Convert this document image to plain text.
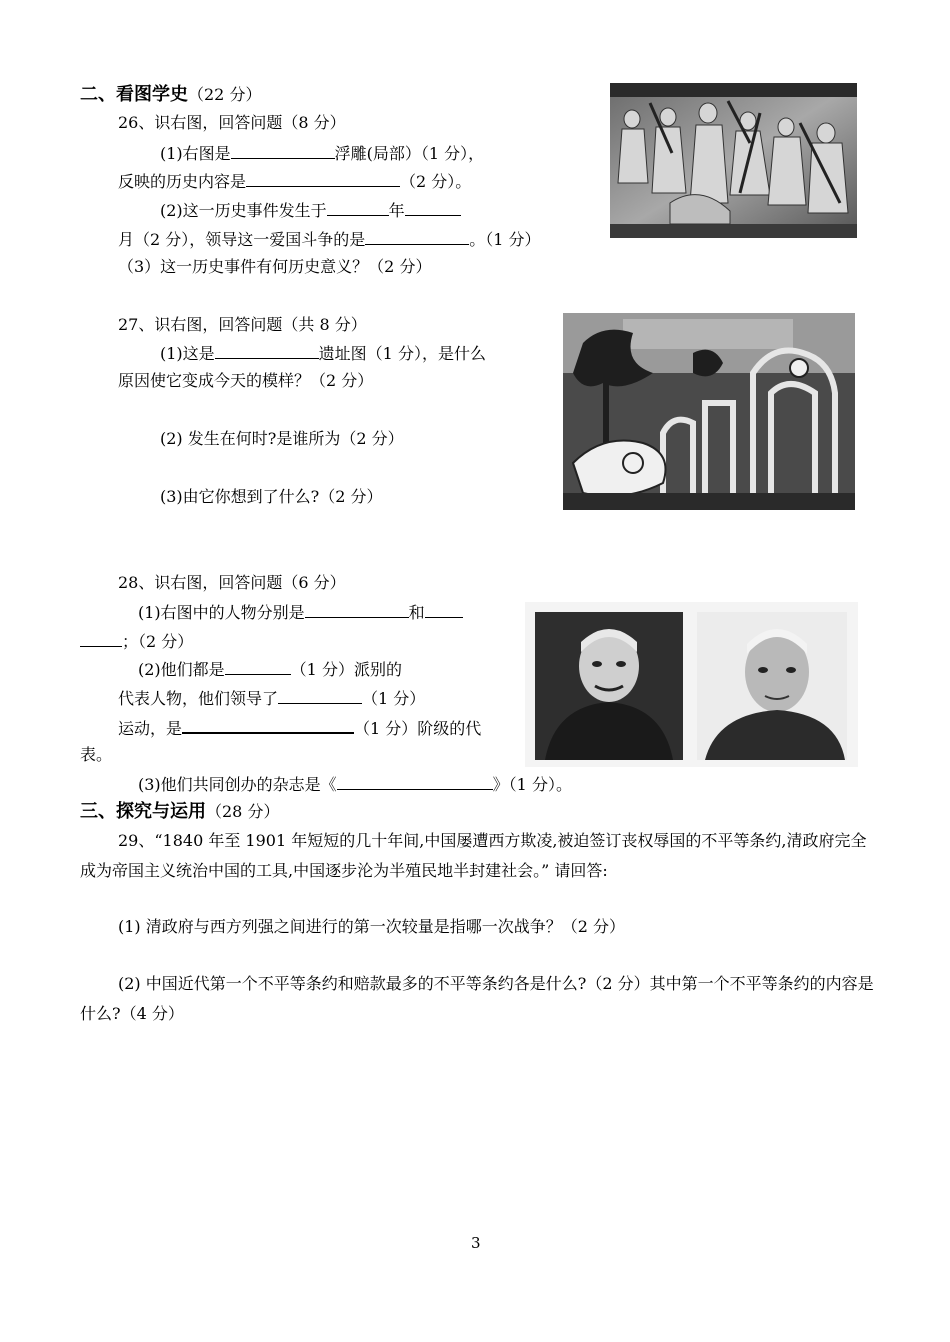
二、看图学史（22 分）
26、识右图，回答问题（8 分）
(1)右图是	浮雕(局部）（1 分），
反映的历史内容是	（2 分）。
(2)这一历史事件发生于	年
月（2 分），领导这一爱国斗争的是	。（1 分）
（3）这一历史事件有何历史意义？（2 分）
27、识右图，回答问题（共 8 分）
(1)这是	遗址图（1 分），是什么
原因使它变成今天的模样？（2 分）
(2) 发生在何时?是谁所为（2 分）
(3)由它你想到了什么?（2 分）
28、识右图，回答问题（6 分）
(1)右图中的人物分别是	和
；（2 分）
(2)他们都是	（1 分）派别的
代表人物，他们领导了	（1 分）
运动，是	（1 分）阶级的代
表。
(3)他们共同创办的杂志是《	》（1 分）。
三、探究与运用（28 分）
29、“1840 年至 1901 年短短的几十年间,中国屡遭西方欺凌,被迫签订丧权辱国的不平等条约,清政府完全成为帝国主义统治中国的工具,中国逐步沦为半殖民地半封建社会。” 请回答:
(1) 清政府与西方列强之间进行的第一次较量是指哪一次战争？（2 分）
(2) 中国近代第一个不平等条约和赔款最多的不平等条约各是什么?（2 分）其中第一个不平等条约的内容是什么?（4 分）
3
